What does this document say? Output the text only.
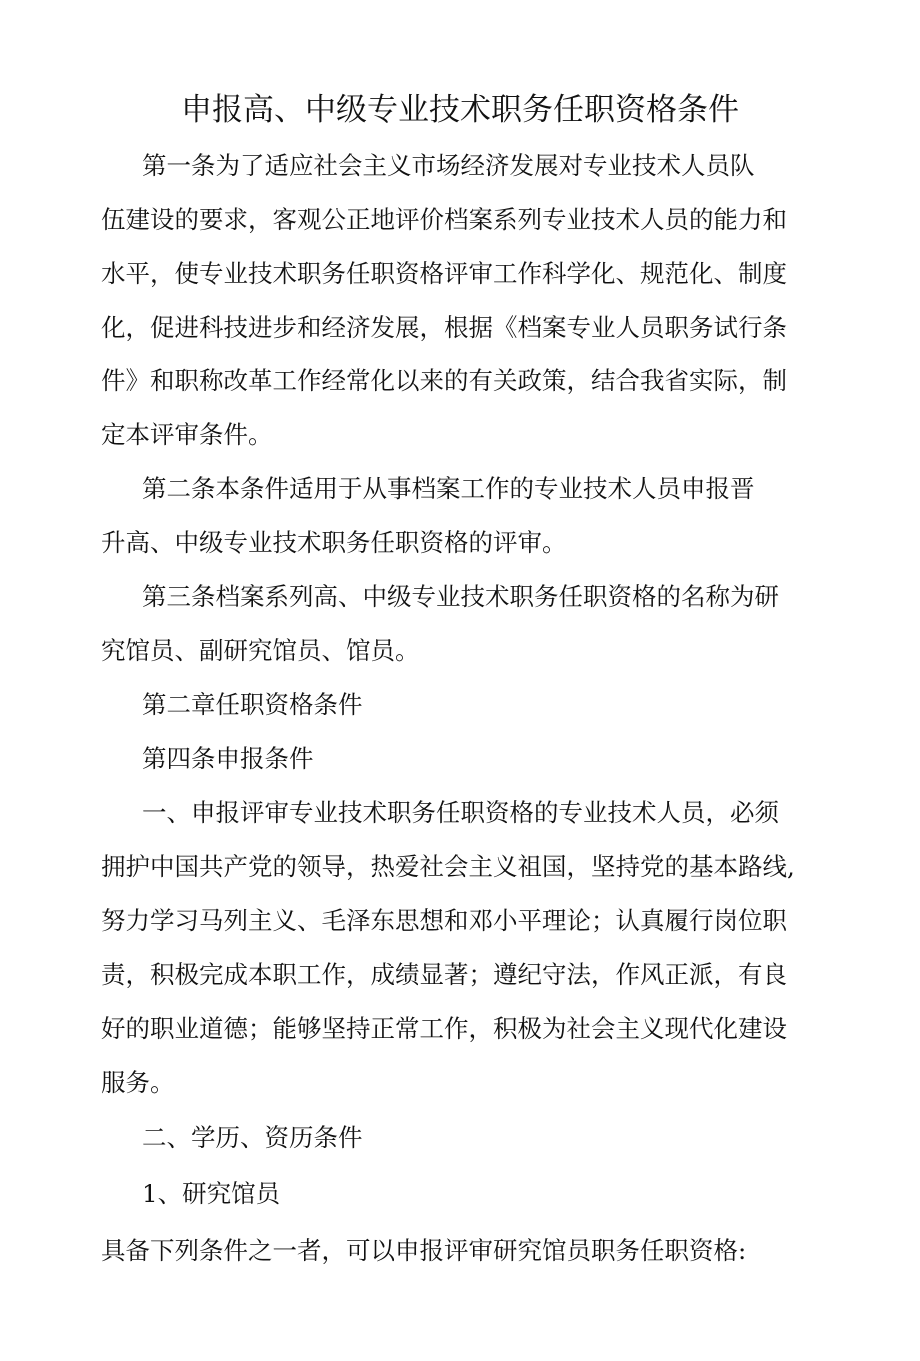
申报高、中级专业技术职务任职资格条件
第一条为了适应社会主义市场经济发展对专业技术人员队
伍建设的要求，客观公正地评价档案系列专业技术人员的能力和
水平，使专业技术职务任职资格评审工作科学化、规范化、制度
化，促进科技进步和经济发展，根据《档案专业人员职务试行条
件》和职称改革工作经常化以来的有关政策，结合我省实际，制
定本评审条件。
第二条本条件适用于从事档案工作的专业技术人员申报晋
升高、中级专业技术职务任职资格的评审。
第三条档案系列高、中级专业技术职务任职资格的名称为研
究馆员、副研究馆员、馆员。
第二章任职资格条件
第四条申报条件
一、申报评审专业技术职务任职资格的专业技术人员，必须
拥护中国共产党的领导，热爱社会主义祖国，坚持党的基本路线,
努力学习马列主义、毛泽东思想和邓小平理论；认真履行岗位职
责，积极完成本职工作，成绩显著；遵纪守法，作风正派，有良
好的职业道德；能够坚持正常工作，积极为社会主义现代化建设
服务。
二、学历、资历条件
1、研究馆员
具备下列条件之一者，可以申报评审研究馆员职务任职资格:
